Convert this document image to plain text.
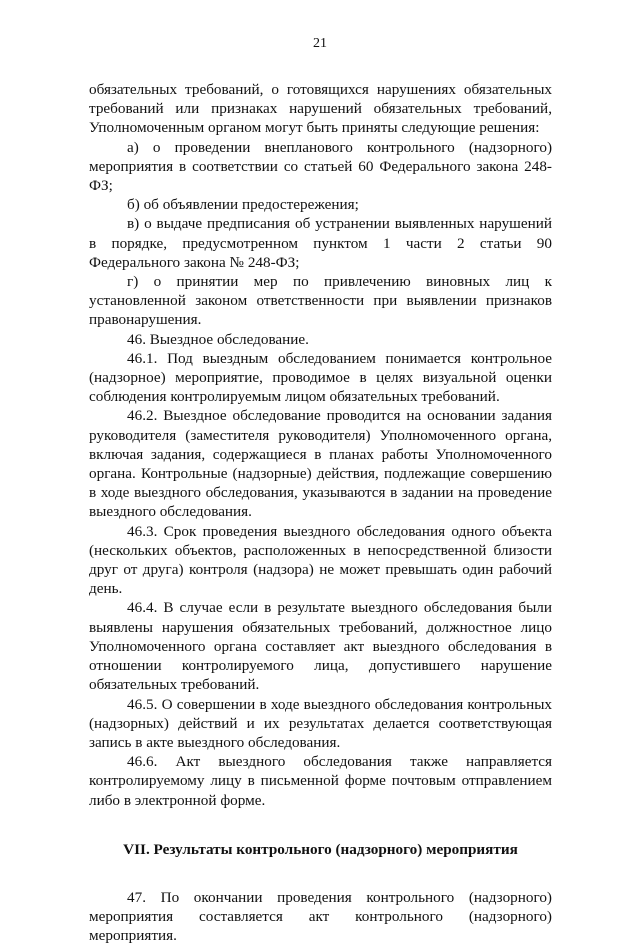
21

обязательных требований, о готовящихся нарушениях обязательных требований или признаках нарушений обязательных требований, Уполномоченным органом могут быть приняты следующие решения:

а) о проведении внепланового контрольного (надзорного) мероприятия в соответствии со статьей 60 Федерального закона 248-ФЗ;

б) об объявлении предостережения;

в) о выдаче предписания об устранении выявленных нарушений в порядке, предусмотренном пунктом 1 части 2 статьи 90 Федерального закона № 248-ФЗ;

г) о принятии мер по привлечению виновных лиц к установленной законом ответственности при выявлении признаков правонарушения.

46. Выездное обследование.

46.1. Под выездным обследованием понимается контрольное (надзорное) мероприятие, проводимое в целях визуальной оценки соблюдения контролируемым лицом обязательных требований.

46.2. Выездное обследование проводится на основании задания руководителя (заместителя руководителя) Уполномоченного органа, включая задания, содержащиеся в планах работы Уполномоченного органа. Контрольные (надзорные) действия, подлежащие совершению в ходе выездного обследования, указываются в задании на проведение выездного обследования.

46.3. Срок проведения выездного обследования одного объекта (нескольких объектов, расположенных в непосредственной близости друг от друга) контроля (надзора) не может превышать один рабочий день.

46.4. В случае если в результате выездного обследования были выявлены нарушения обязательных требований, должностное лицо Уполномоченного органа составляет акт выездного обследования в отношении контролируемого лица, допустившего нарушение обязательных требований.

46.5. О совершении в ходе выездного обследования контрольных (надзорных) действий и их результатах делается соответствующая запись в акте выездного обследования.

46.6. Акт выездного обследования также направляется контролируемому лицу в письменной форме почтовым отправлением либо в электронной форме.

VII. Результаты контрольного (надзорного) мероприятия

47. По окончании проведения контрольного (надзорного) мероприятия составляется акт контрольного (надзорного) мероприятия.
